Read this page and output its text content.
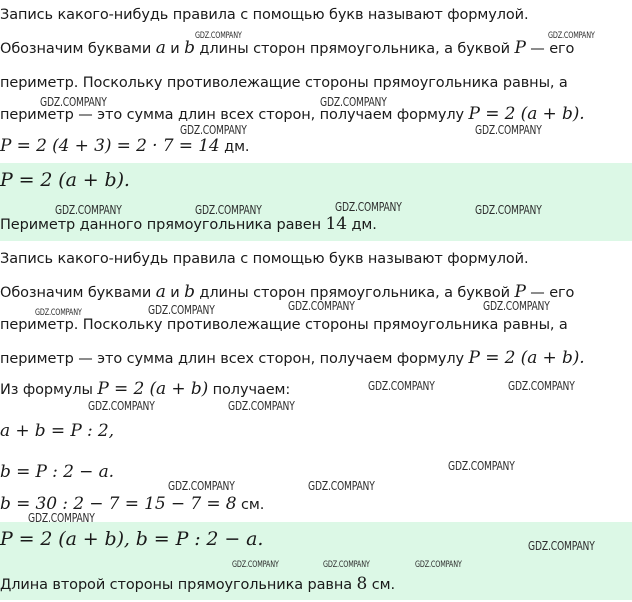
Запись какого-нибудь правила с помощью букв называют формулой.
Обозначим буквами a и b длины сторон прямоугольника, а буквой P — его
периметр. Поскольку противолежащие стороны прямоугольника равны, а
периметр — это сумма длин всех сторон, получаем формулу P = 2 (a + b).
P = 2 (4 + 3) = 2 · 7 = 14 дм.
P = 2 (a + b).
Периметр данного прямоугольника равен 14 дм.
Запись какого-нибудь правила с помощью букв называют формулой.
Обозначим буквами a и b длины сторон прямоугольника, а буквой P — его
периметр. Поскольку противолежащие стороны прямоугольника равны, а
периметр — это сумма длин всех сторон, получаем формулу P = 2 (a + b).
Из формулы P = 2 (a + b) получаем:
a + b = P : 2,
b = P : 2 − a.
b = 30 : 2 − 7 = 15 − 7 = 8 см.
P = 2 (a + b), b = P : 2 − a.
Длина второй стороны прямоугольника равна 8 см.
GDZ.COMPANY	GDZ.COMPANY
GDZ.COMPANY	GDZ.COMPANY
GDZ.COMPANY	GDZ.COMPANY
GDZ.COMPANY	GDZ.COMPANY	GDZ.COMPANY	GDZ.COMPANY
GDZ.COMPANY	GDZ.COMPANY	GDZ.COMPANY	GDZ.COMPANY
GDZ.COMPANY	GDZ.COMPANY
GDZ.COMPANY	GDZ.COMPANY
GDZ.COMPANY
GDZ.COMPANY	GDZ.COMPANY
GDZ.COMPANY
GDZ.COMPANY
GDZ.COMPANY	GDZ.COMPANY	GDZ.COMPANY
